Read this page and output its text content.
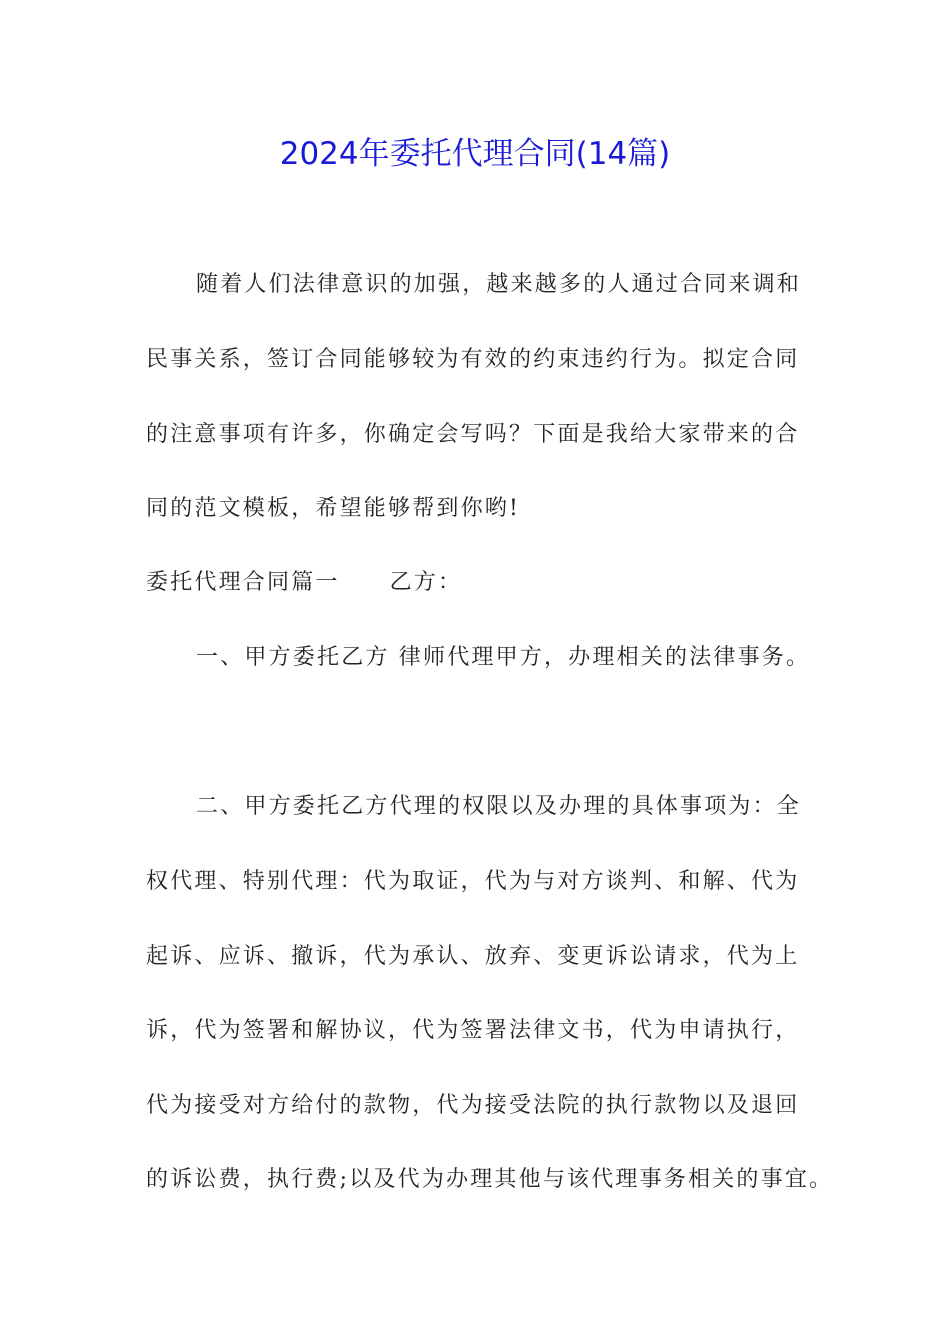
2024年委托代理合同(14篇)
随着人们法律意识的加强，越来越多的人通过合同来调和
民事关系，签订合同能够较为有效的约束违约行为。拟定合同
的注意事项有许多，你确定会写吗？下面是我给大家带来的合
同的范文模板，希望能够帮到你哟!
委托代理合同篇一 乙方：
一、甲方委托乙方 律师代理甲方，办理相关的法律事务。
二、甲方委托乙方代理的权限以及办理的具体事项为：全
权代理、特别代理：代为取证，代为与对方谈判、和解、代为
起诉、应诉、撤诉，代为承认、放弃、变更诉讼请求，代为上
诉，代为签署和解协议，代为签署法律文书，代为申请执行，
代为接受对方给付的款物，代为接受法院的执行款物以及退回
的诉讼费，执行费;以及代为办理其他与该代理事务相关的事宜。
